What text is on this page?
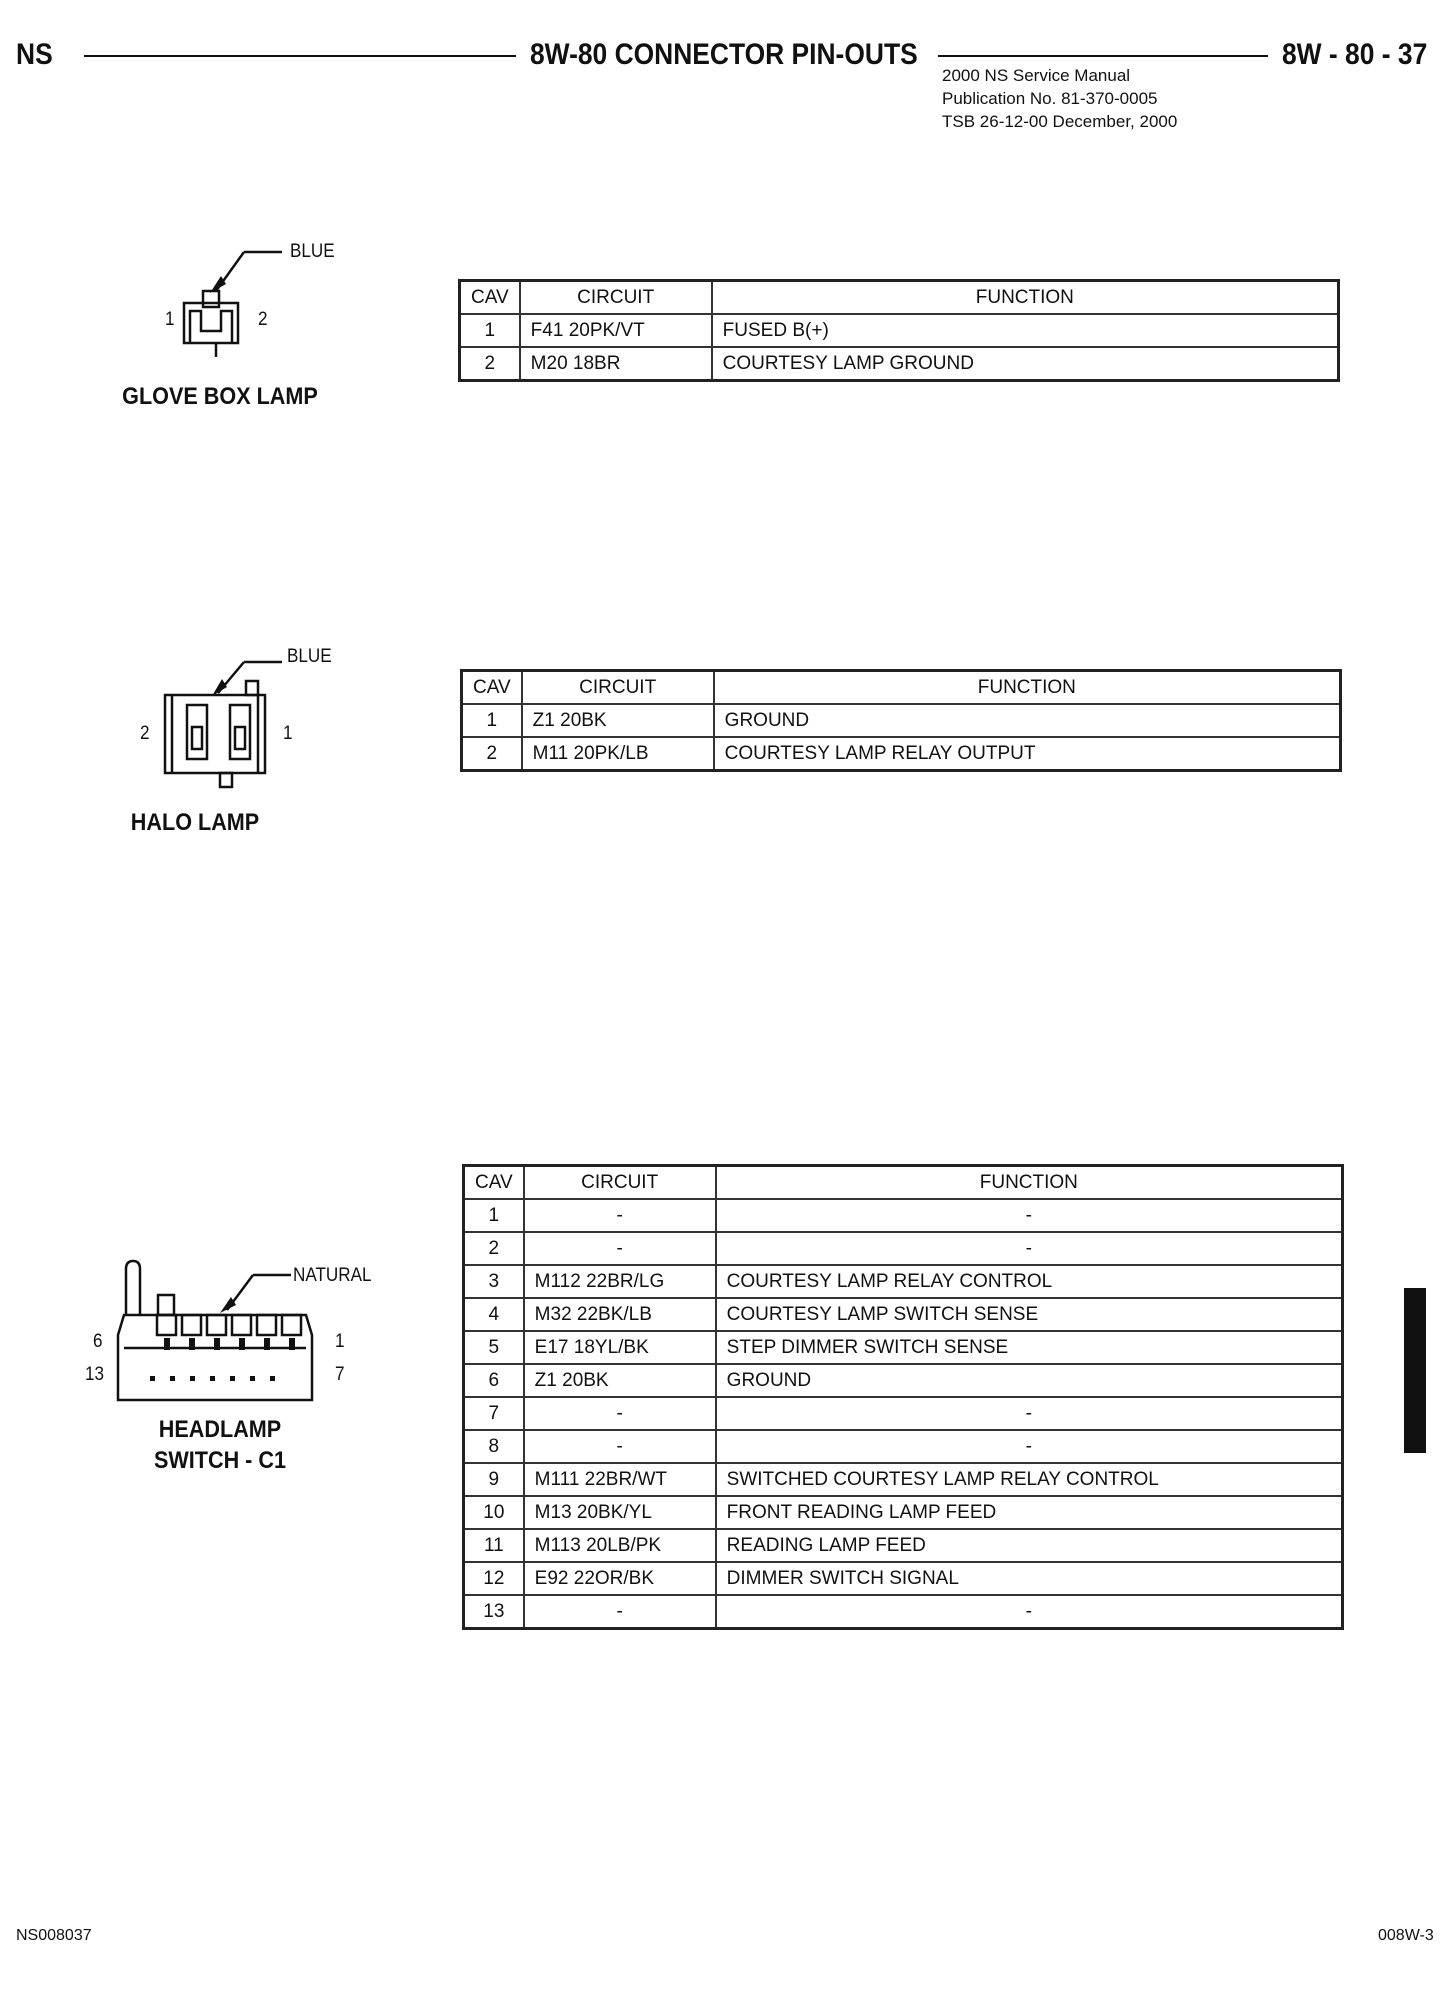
NS	8W-80 CONNECTOR PIN-OUTS	8W - 80 - 37
2000 NS Service Manual
Publication No. 81-370-0005
TSB 26-12-00 December, 2000
BLUE
1	2
GLOVE BOX LAMP
CAV	CIRCUIT	FUNCTION
1	F41 20PK/VT	FUSED B(+)
2	M20 18BR	COURTESY LAMP GROUND
BLUE
2	1
HALO LAMP
CAV	CIRCUIT	FUNCTION
1	Z1 20BK	GROUND
2	M11 20PK/LB	COURTESY LAMP RELAY OUTPUT
NATURAL
6	1
13	7
HEADLAMP
SWITCH - C1
CAV	CIRCUIT	FUNCTION
1	-	-
2	-	-
3	M112 22BR/LG	COURTESY LAMP RELAY CONTROL
4	M32 22BK/LB	COURTESY LAMP SWITCH SENSE
5	E17 18YL/BK	STEP DIMMER SWITCH SENSE
6	Z1 20BK	GROUND
7	-	-
8	-	-
9	M111 22BR/WT	SWITCHED COURTESY LAMP RELAY CONTROL
10	M13 20BK/YL	FRONT READING LAMP FEED
11	M113 20LB/PK	READING LAMP FEED
12	E92 22OR/BK	DIMMER SWITCH SIGNAL
13	-	-
NS008037	008W-3
